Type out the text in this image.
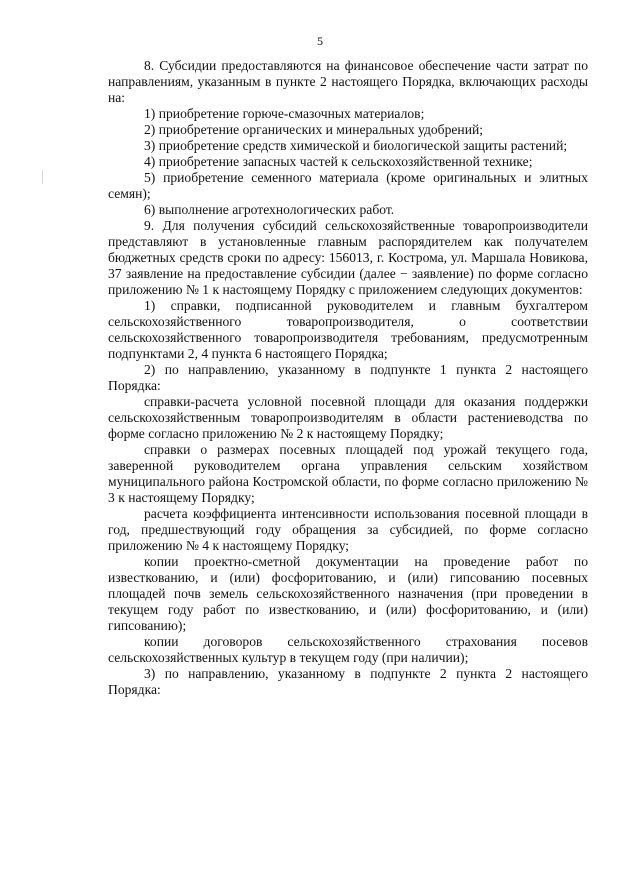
5

8. Субсидии предоставляются на финансовое обеспечение части затрат по направлениям, указанным в пункте 2 настоящего Порядка, включающих расходы на:

1) приобретение горюче-смазочных материалов;

2) приобретение органических и минеральных удобрений;

3) приобретение средств химической и биологической защиты растений;

4) приобретение запасных частей к сельскохозяйственной технике;

5) приобретение семенного материала (кроме оригинальных и элитных семян);

6) выполнение агротехнологических работ.

9. Для получения субсидий сельскохозяйственные товаропроизводители представляют в установленные главным распорядителем как получателем бюджетных средств сроки по адресу: 156013, г. Кострома, ул. Маршала Новикова, 37 заявление на предоставление субсидии (далее − заявление) по форме согласно приложению № 1 к настоящему Порядку с приложением следующих документов:

1) справки, подписанной руководителем и главным бухгалтером сельскохозяйственного товаропроизводителя, о соответствии сельскохозяйственного товаропроизводителя требованиям, предусмотренным подпунктами 2, 4 пункта 6 настоящего Порядка;

2) по направлению, указанному в подпункте 1 пункта 2 настоящего Порядка:

справки-расчета условной посевной площади для оказания поддержки сельскохозяйственным товаропроизводителям в области растениеводства по форме согласно приложению № 2 к настоящему Порядку;

справки о размерах посевных площадей под урожай текущего года, заверенной руководителем органа управления сельским хозяйством муниципального района Костромской области, по форме согласно приложению № 3 к настоящему Порядку;

расчета коэффициента интенсивности использования посевной площади в год, предшествующий году обращения за субсидией, по форме согласно приложению № 4 к настоящему Порядку;

копии проектно-сметной документации на проведение работ по известкованию, и (или) фосфоритованию, и (или) гипсованию посевных площадей почв земель сельскохозяйственного назначения (при проведении в текущем году работ по известкованию, и (или) фосфоритованию, и (или) гипсованию);

копии договоров сельскохозяйственного страхования посевов сельскохозяйственных культур в текущем году (при наличии);

3) по направлению, указанному в подпункте 2 пункта 2 настоящего Порядка:
